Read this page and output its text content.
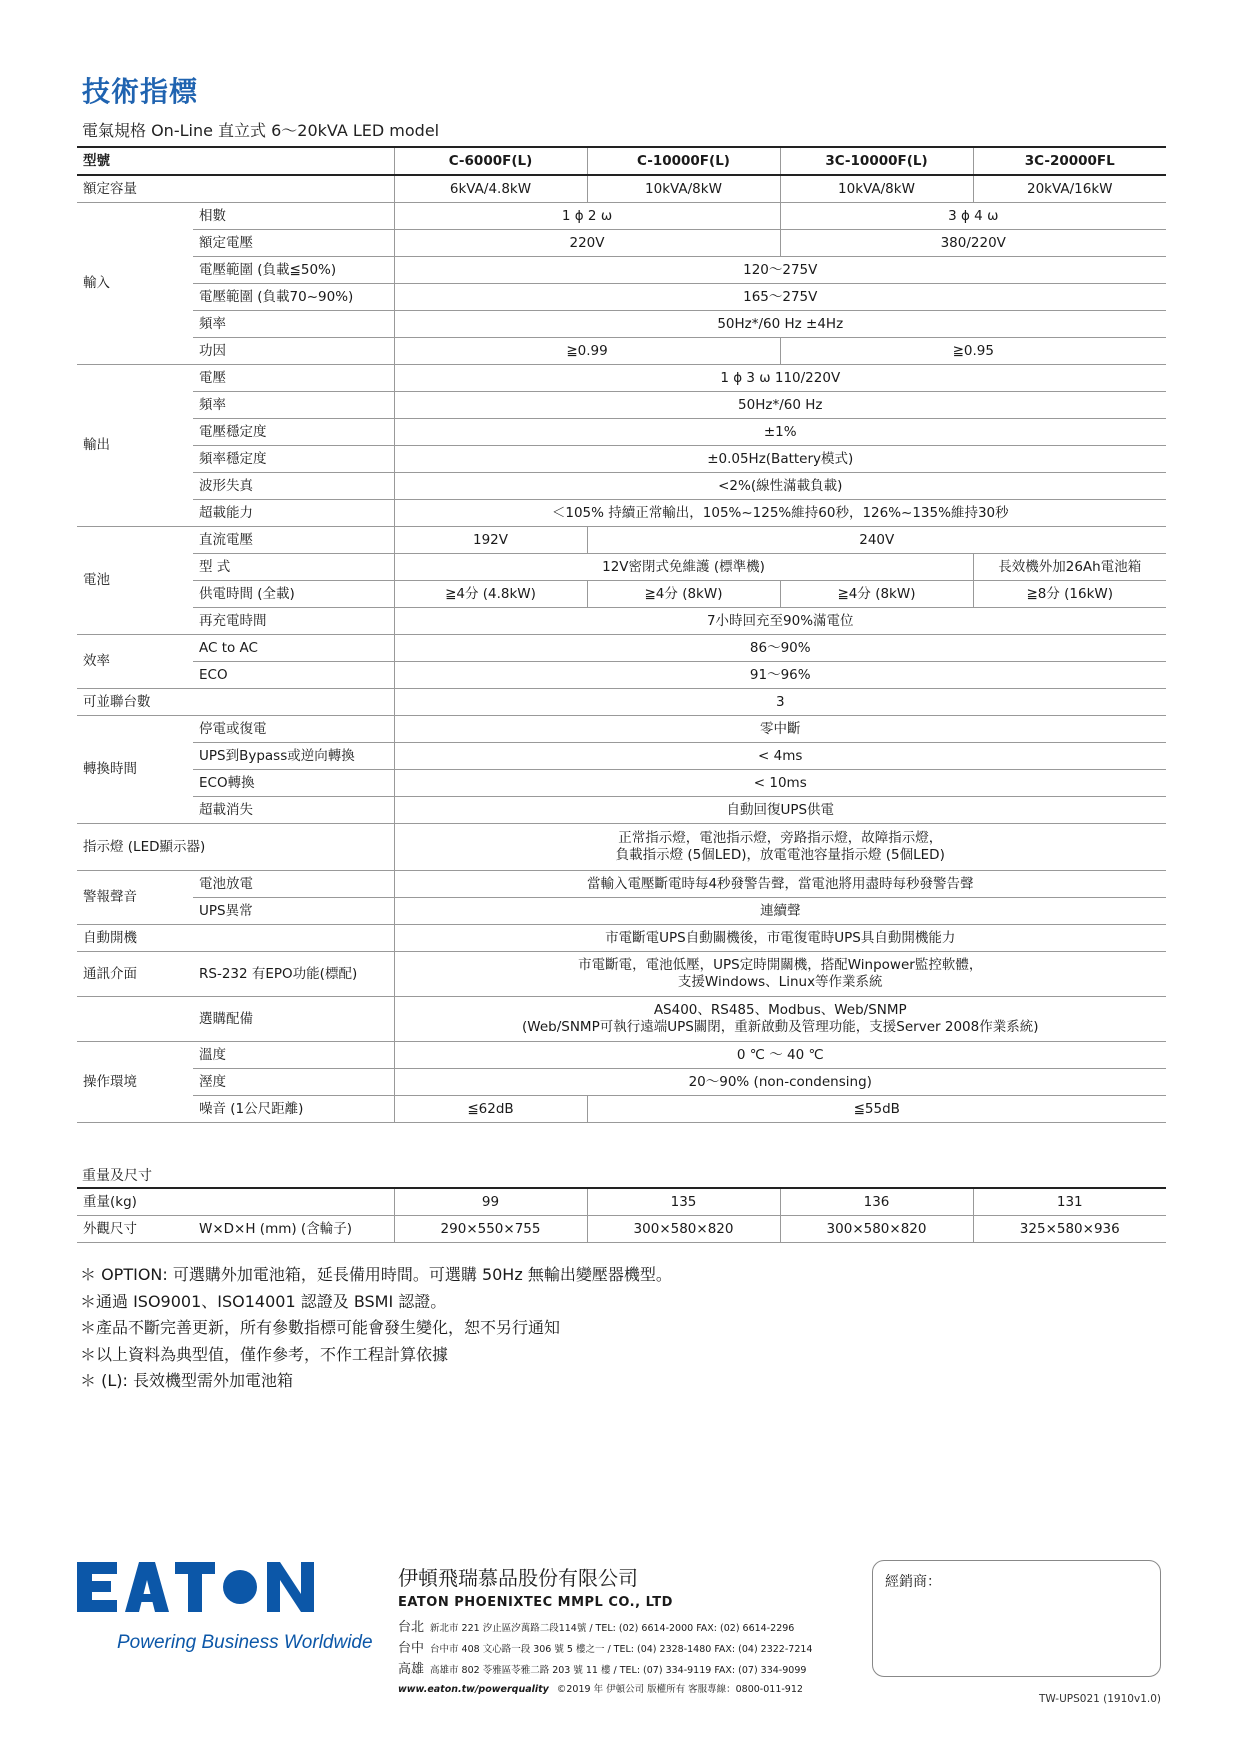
技術指標
電氣規格 On-Line 直立式 6～20kVA LED model
型號		C-6000F(L)	C-10000F(L)	3C-10000F(L)	3C-20000FL
額定容量		6kVA/4.8kW	10kVA/8kW	10kVA/8kW	20kVA/16kW
輸入	相數	1 ϕ 2 ω		3 ϕ 4 ω	
	額定電壓	220V		380/220V	
	電壓範圍 (負載≦50%)	120～275V			
	電壓範圍 (負載70~90%)	165～275V			
	頻率	50Hz*/60 Hz ±4Hz			
	功因	≧0.99		≧0.95	
輸出	電壓	1 ϕ 3 ω 110/220V			
	頻率	50Hz*/60 Hz			
	電壓穩定度	±1%			
	頻率穩定度	±0.05Hz(Battery模式)			
	波形失真	<2%(線性滿載負載)			
	超載能力	＜105% 持續正常輸出，105%~125%維持60秒，126%~135%維持30秒			
電池	直流電壓	192V	240V		
	型 式	12V密閉式免維護 (標準機)			長效機外加26Ah電池箱
	供電時間 (全載)	≧4分 (4.8kW)	≧4分 (8kW)	≧4分 (8kW)	≧8分 (16kW)
	再充電時間	7小時回充至90%滿電位			
效率	AC to AC	86～90%			
	ECO	91～96%			
可並聯台數		3			
轉換時間	停電或復電	零中斷			
	UPS到Bypass或逆向轉換	< 4ms			
	ECO轉換	< 10ms			
	超載消失	自動回復UPS供電			
指示燈 (LED顯示器)		正常指示燈，電池指示燈，旁路指示燈，故障指示燈，
負載指示燈 (5個LED)，放電電池容量指示燈 (5個LED)			

警報聲音	電池放電	當輸入電壓斷電時每4秒發警告聲，當電池將用盡時每秒發警告聲			
	UPS異常	連續聲			
自動開機		市電斷電UPS自動關機後，市電復電時UPS具自動開機能力			
通訊介面	RS-232 有EPO功能(標配)	市電斷電，電池低壓，UPS定時開關機，搭配Winpower監控軟體，
支援Windows、Linux等作業系統			

	選購配備	AS400、RS485、Modbus、Web/SNMP
(Web/SNMP可執行遠端UPS關閉，重新啟動及管理功能，支援Server 2008作業系統)			

操作環境	溫度	0 ℃ ～ 40 ℃			
	溼度	20～90% (non-condensing)			
	噪音 (1公尺距離)	≦62dB	≦55dB		
重量及尺寸
重量(kg)		99	135	136	131
外觀尺寸	W×D×H (mm) (含輪子)	290×550×755	300×580×820	300×580×820	325×580×936
＊ OPTION: 可選購外加電池箱，延長備用時間。可選購 50Hz 無輸出變壓器機型。
＊通過 ISO9001、ISO14001 認證及 BSMI 認證。
＊產品不斷完善更新，所有參數指標可能會發生變化，恕不另行通知
＊以上資料為典型值，僅作參考，不作工程計算依據
＊ (L): 長效機型需外加電池箱
Powering Business Worldwide
伊頓飛瑞慕品股份有限公司
EATON PHOENIXTEC MMPL CO., LTD
台北 新北市 221 汐止區汐萬路二段114號 / TEL: (02) 6614-2000 FAX: (02) 6614-2296
台中 台中市 408 文心路一段 306 號 5 樓之一 / TEL: (04) 2328-1480 FAX: (04) 2322-7214
高雄 高雄市 802 苓雅區苓雅二路 203 號 11 樓 / TEL: (07) 334-9119 FAX: (07) 334-9099
www.eaton.tw/powerquality ©2019 年 伊頓公司 版權所有 客服專線：0800-011-912
經銷商：
TW-UPS021 (1910v1.0)
